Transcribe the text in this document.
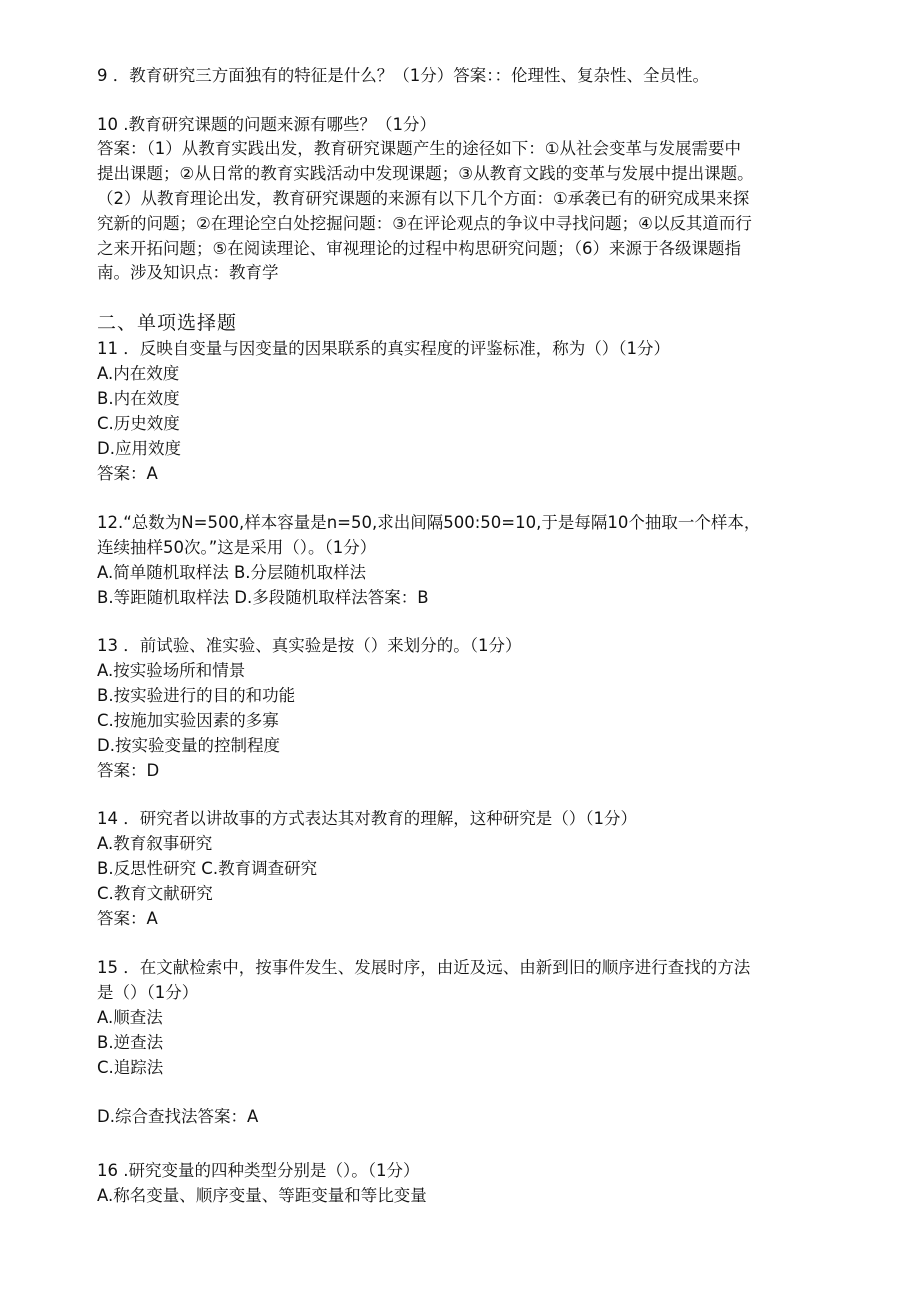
9 ．教育研究三方面独有的特征是什么？（1分）答案：：伦理性、复杂性、全员性。
10 .教育研究课题的问题来源有哪些？（1分）
答案：（1）从教育实践出发，教育研究课题产生的途径如下：①从社会变革与发展需要中
提出课题；②从日常的教育实践活动中发现课题；③从教育文践的变革与发展中提出课题。
（2）从教育理论出发，教育研究课题的来源有以下几个方面：①承袭已有的研究成果来探
究新的问题；②在理论空白处挖掘问题：③在评论观点的争议中寻找问题；④以反其道而行
之来开拓问题；⑤在阅读理论、审视理论的过程中构思研究问题；（6）来源于各级课题指
南。涉及知识点：教育学
二、单项选择题
11 ．反映自变量与因变量的因果联系的真实程度的评鉴标准，称为（）（1分）
A.内在效度
B.内在效度
C.历史效度
D.应用效度
答案：A
12.“总数为N=500,样本容量是n=50,求出间隔500:50=10,于是每隔10个抽取一个样本，
连续抽样50次。”这是采用（）。（1分）
A.简单随机取样法 B.分层随机取样法
B.等距随机取样法 D.多段随机取样法答案：B
13 ．前试验、准实验、真实验是按（）来划分的。（1分）
A.按实验场所和情景
B.按实验进行的目的和功能
C.按施加实验因素的多寡
D.按实验变量的控制程度
答案：D
14 ．研究者以讲故事的方式表达其对教育的理解，这种研究是（）（1分）
A.教育叙事研究
B.反思性研究 C.教育调查研究
C.教育文献研究
答案：A
15 ．在文献检索中，按事件发生、发展时序，由近及远、由新到旧的顺序进行查找的方法
是（）（1分）
A.顺查法
B.逆查法
C.追踪法
D.综合查找法答案：A
16 .研究变量的四种类型分别是（）。（1分）
A.称名变量、顺序变量、等距变量和等比变量
